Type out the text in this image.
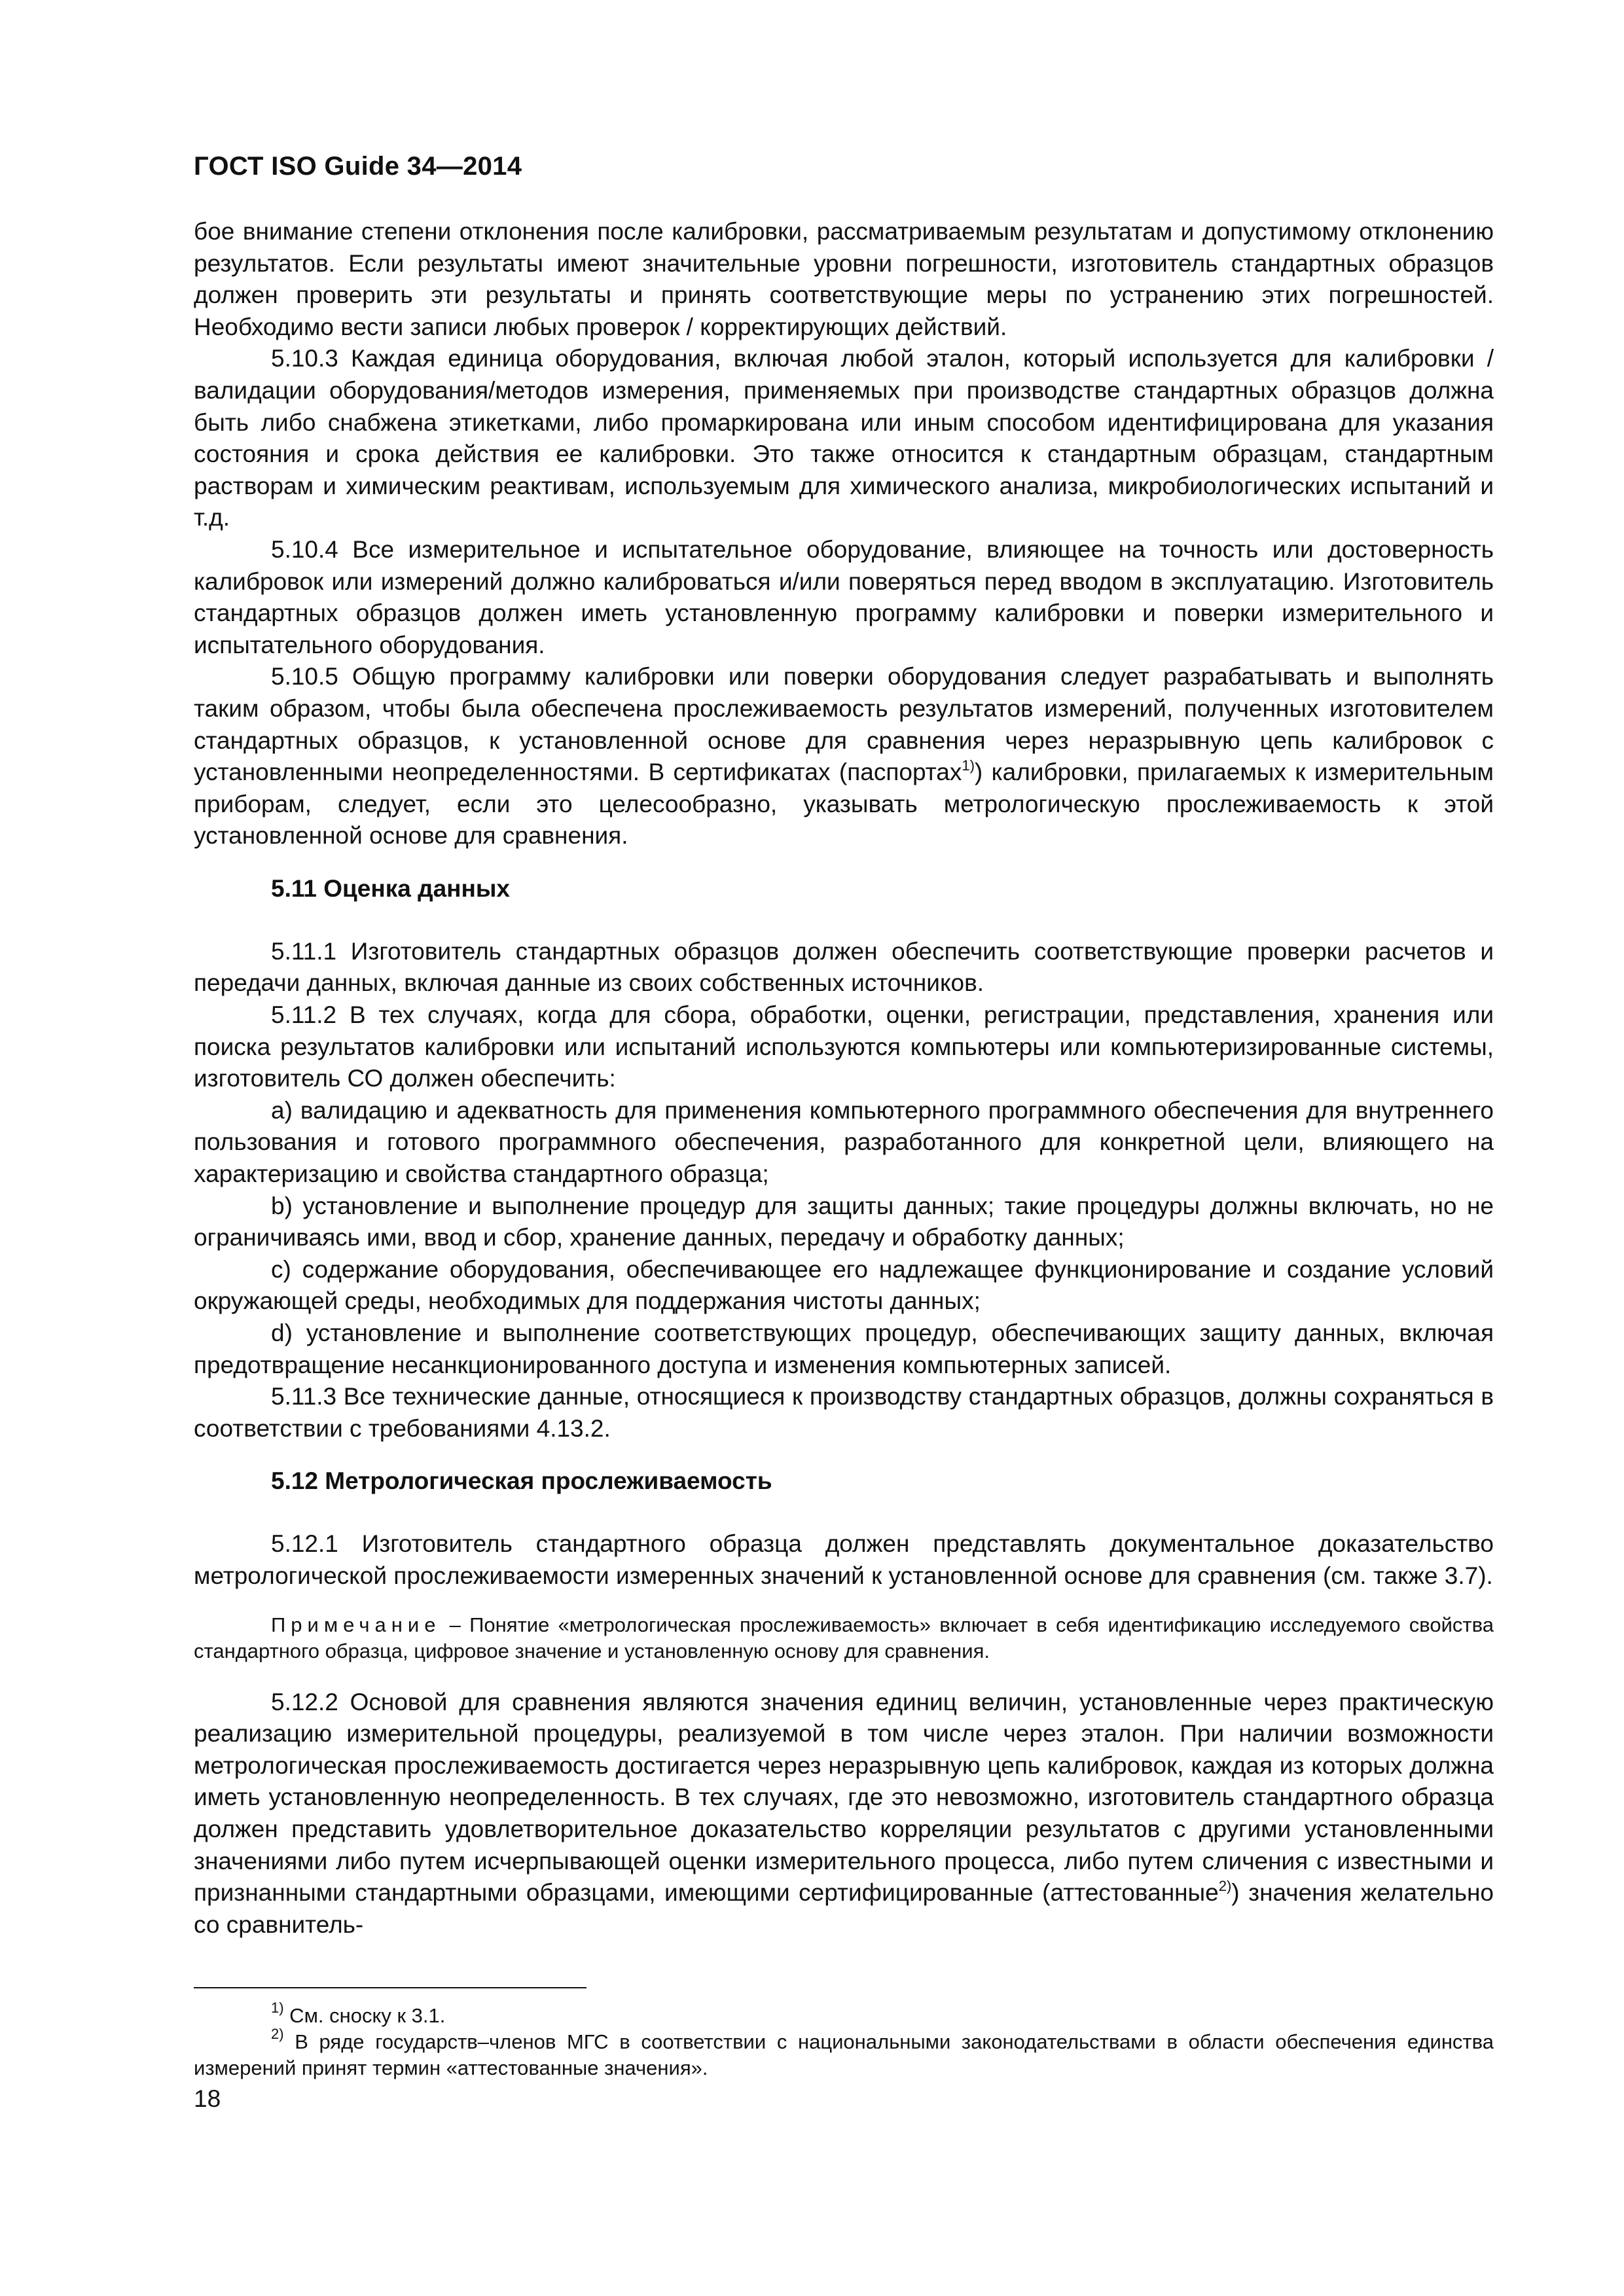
ГОСТ ISO Guide 34—2014

бое внимание степени отклонения после калибровки, рассматриваемым результатам и допустимому отклонению результатов. Если результаты имеют значительные уровни погрешности, изготовитель стандартных образцов должен проверить эти результаты и принять соответствующие меры по устранению этих погрешностей. Необходимо вести записи любых проверок / корректирующих действий.

5.10.3 Каждая единица оборудования, включая любой эталон, который используется для калибровки / валидации оборудования/методов измерения, применяемых при производстве стандартных образцов должна быть либо снабжена этикетками, либо промаркирована или иным способом идентифицирована для указания состояния и срока действия ее калибровки. Это также относится к стандартным образцам, стандартным растворам и химическим реактивам, используемым для химического анализа, микробиологических испытаний и т.д.

5.10.4 Все измерительное и испытательное оборудование, влияющее на точность или достоверность калибровок или измерений должно калиброваться и/или поверяться перед вводом в эксплуатацию. Изготовитель стандартных образцов должен иметь установленную программу калибровки и поверки измерительного и испытательного оборудования.

5.10.5 Общую программу калибровки или поверки оборудования следует разрабатывать и выполнять таким образом, чтобы была обеспечена прослеживаемость результатов измерений, полученных изготовителем стандартных образцов, к установленной основе для сравнения через неразрывную цепь калибровок с установленными неопределенностями. В сертификатах (паспортах$^{1)}$) калибровки, прилагаемых к измерительным приборам, следует, если это целесообразно, указывать метрологическую прослеживаемость к этой установленной основе для сравнения.

5.11 Оценка данных

5.11.1 Изготовитель стандартных образцов должен обеспечить соответствующие проверки расчетов и передачи данных, включая данные из своих собственных источников.

5.11.2 В тех случаях, когда для сбора, обработки, оценки, регистрации, представления, хранения или поиска результатов калибровки или испытаний используются компьютеры или компьютеризированные системы, изготовитель СО должен обеспечить:

a) валидацию и адекватность для применения компьютерного программного обеспечения для внутреннего пользования и готового программного обеспечения, разработанного для конкретной цели, влияющего на характеризацию и свойства стандартного образца;

b) установление и выполнение процедур для защиты данных; такие процедуры должны включать, но не ограничиваясь ими, ввод и сбор, хранение данных, передачу и обработку данных;

c) содержание оборудования, обеспечивающее его надлежащее функционирование и создание условий окружающей среды, необходимых для поддержания чистоты данных;

d) установление и выполнение соответствующих процедур, обеспечивающих защиту данных, включая предотвращение несанкционированного доступа и изменения компьютерных записей.

5.11.3 Все технические данные, относящиеся к производству стандартных образцов, должны сохраняться в соответствии с требованиями 4.13.2.

5.12 Метрологическая прослеживаемость

5.12.1 Изготовитель стандартного образца должен представлять документальное доказательство метрологической прослеживаемости измеренных значений к установленной основе для сравнения (см. также 3.7).

Примечание – Понятие «метрологическая прослеживаемость» включает в себя идентификацию исследуемого свойства стандартного образца, цифровое значение и установленную основу для сравнения.

5.12.2 Основой для сравнения являются значения единиц величин, установленные через практическую реализацию измерительной процедуры, реализуемой в том числе через эталон. При наличии возможности метрологическая прослеживаемость достигается через неразрывную цепь калибровок, каждая из которых должна иметь установленную неопределенность. В тех случаях, где это невозможно, изготовитель стандартного образца должен представить удовлетворительное доказательство корреляции результатов с другими установленными значениями либо путем исчерпывающей оценки измерительного процесса, либо путем сличения с известными и признанными стандартными образцами, имеющими сертифицированные (аттестованные$^{2)}$) значения желательно со сравнитель-

$^{1)}$ См. сноску к 3.1.

$^{2)}$ В ряде государств–членов МГС в соответствии с национальными законодательствами в области обеспечения единства измерений принят термин «аттестованные значения».

18
